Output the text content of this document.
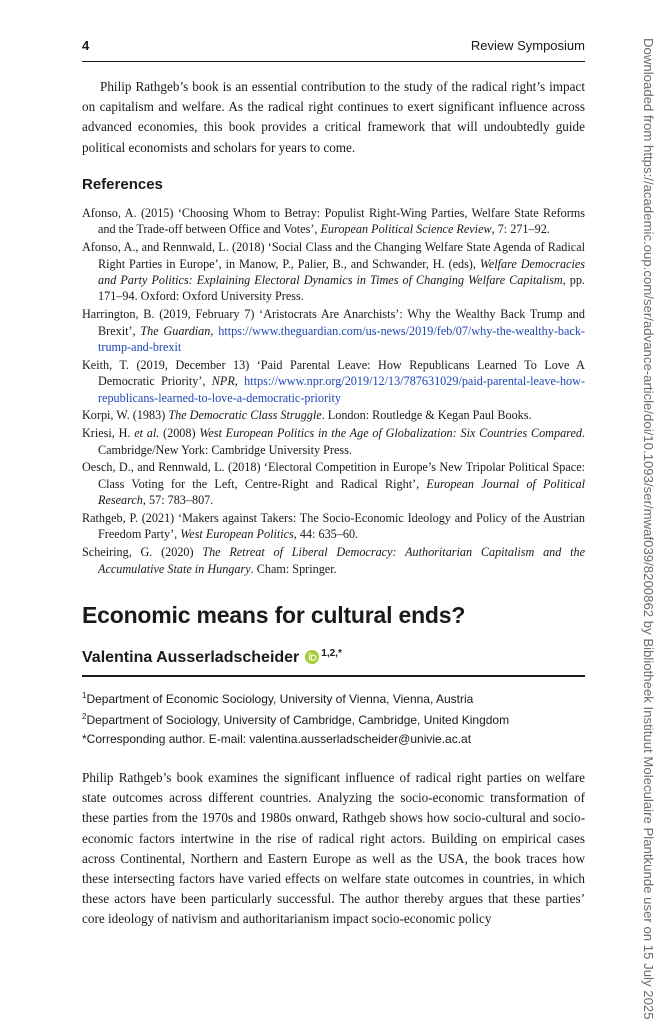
4	Review Symposium

Philip Rathgeb’s book is an essential contribution to the study of the radical right’s impact on capitalism and welfare. As the radical right continues to exert significant influence across advanced economies, this book provides a critical framework that will undoubtedly guide political economists and scholars for years to come.

References
Afonso, A. (2015) ‘Choosing Whom to Betray: Populist Right-Wing Parties, Welfare State Reforms and the Trade-off between Office and Votes’, European Political Science Review, 7: 271–92.
Afonso, A., and Rennwald, L. (2018) ‘Social Class and the Changing Welfare State Agenda of Radical Right Parties in Europe’, in Manow, P., Palier, B., and Schwander, H. (eds), Welfare Democracies and Party Politics: Explaining Electoral Dynamics in Times of Changing Welfare Capitalism, pp. 171–94. Oxford: Oxford University Press.
Harrington, B. (2019, February 7) ‘Aristocrats Are Anarchists’: Why the Wealthy Back Trump and Brexit’, The Guardian, https://www.theguardian.com/us-news/2019/feb/07/why-the-wealthy-back-trump-and-brexit
Keith, T. (2019, December 13) ‘Paid Parental Leave: How Republicans Learned To Love A Democratic Priority’, NPR, https://www.npr.org/2019/12/13/787631029/paid-parental-leave-how-republicans-learned-to-love-a-democratic-priority
Korpi, W. (1983) The Democratic Class Struggle. London: Routledge & Kegan Paul Books.
Kriesi, H. et al. (2008) West European Politics in the Age of Globalization: Six Countries Compared. Cambridge/New York: Cambridge University Press.
Oesch, D., and Rennwald, L. (2018) ‘Electoral Competition in Europe’s New Tripolar Political Space: Class Voting for the Left, Centre-Right and Radical Right’, European Journal of Political Research, 57: 783–807.
Rathgeb, P. (2021) ‘Makers against Takers: The Socio-Economic Ideology and Policy of the Austrian Freedom Party’, West European Politics, 44: 635–60.
Scheiring, G. (2020) The Retreat of Liberal Democracy: Authoritarian Capitalism and the Accumulative State in Hungary. Cham: Springer.
Economic means for cultural ends?
Valentina Ausserladscheider $^{1,2,*}$
$^1$Department of Economic Sociology, University of Vienna, Vienna, Austria
$^2$Department of Sociology, University of Cambridge, Cambridge, United Kingdom
*Corresponding author. E-mail: valentina.ausserladscheider@univie.ac.at

Philip Rathgeb’s book examines the significant influence of radical right parties on welfare state outcomes across different countries. Analyzing the socio-economic transformation of these parties from the 1970s and 1980s onward, Rathgeb shows how socio-cultural and socio-economic factors intertwine in the rise of radical right actors. Building on empirical cases across Continental, Northern and Eastern Europe as well as the USA, the book traces how these intersecting factors have varied effects on welfare state outcomes in countries, in which these actors have been particularly successful. The author thereby argues that these parties’ core ideology of nativism and authoritarianism impact socio-economic policy	Downloaded from https://academic.oup.com/ser/advance-article/doi/10.1093/ser/mwaf039/8200862 by Bibliotheek Instituut Moleculaire Plantkunde user on 15 July 2025
